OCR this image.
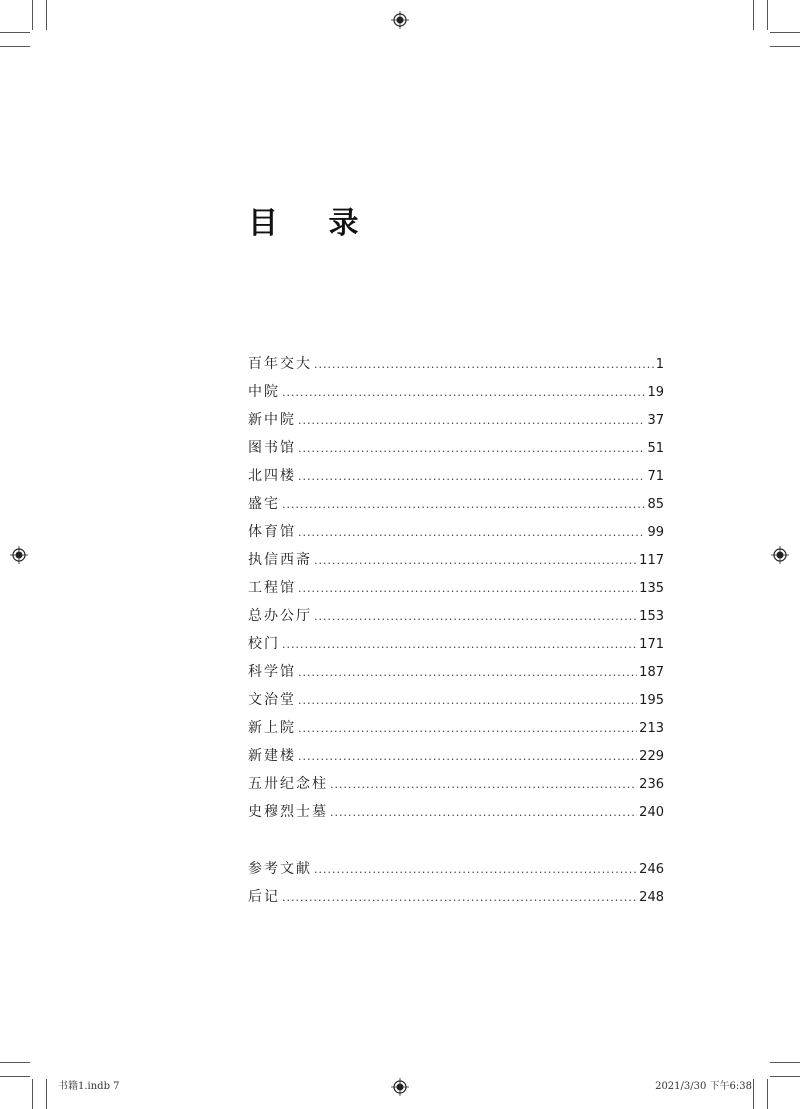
目 录
百年交大 .....	1
中院 .....	19
新中院 .....	37
图书馆 .....	51
北四楼 .....	71
盛宅 .....	85
体育馆 .....	99
执信西斋 .....	117
工程馆 .....	135
总办公厅 .....	153
校门 .....	171
科学馆 .....	187
文治堂 .....	195
新上院 .....	213
新建楼 .....	229
五卅纪念柱 .....	236
史穆烈士墓 .....	240
参考文献 .....	246
后记 .....	248
书籍1.indb 7	2021/3/30 下午6:38
